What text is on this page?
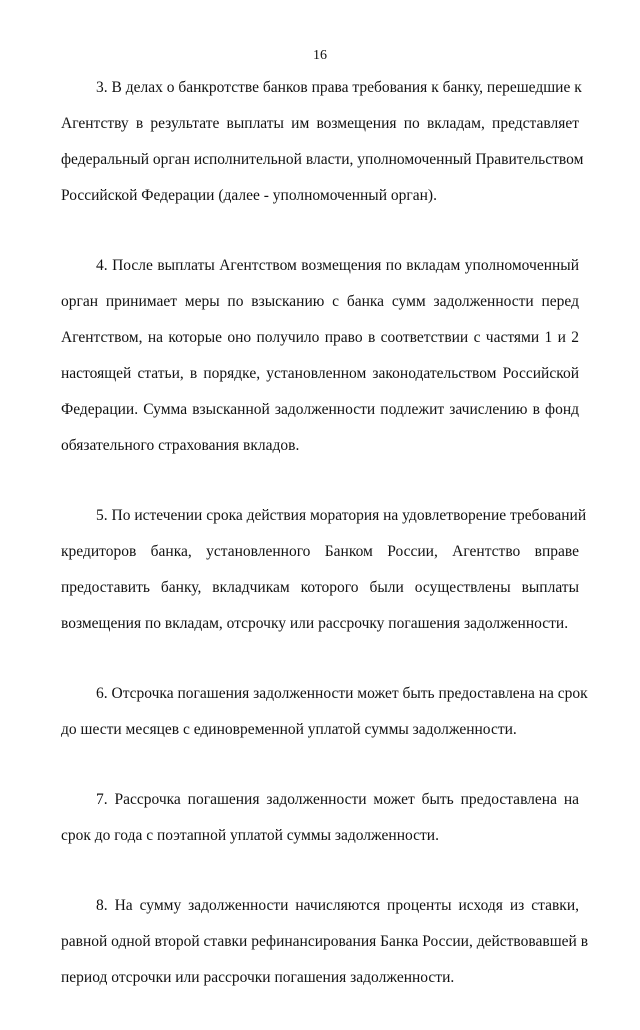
16

3. В делах о банкротстве банков права требования к банку, перешедшие к
Агентству в результате выплаты им возмещения по вкладам, представляет
федеральный орган исполнительной власти, уполномоченный Правительством
Российской Федерации (далее - уполномоченный орган).

4. После выплаты Агентством возмещения по вкладам уполномоченный
орган принимает меры по взысканию с банка сумм задолженности перед
Агентством, на которые оно получило право в соответствии с частями 1 и 2
настоящей статьи, в порядке, установленном законодательством Российской
Федерации. Сумма взысканной задолженности подлежит зачислению в фонд
обязательного страхования вкладов.

5. По истечении срока действия моратория на удовлетворение требований
кредиторов банка, установленного Банком России, Агентство вправе
предоставить банку, вкладчикам которого были осуществлены выплаты
возмещения по вкладам, отсрочку или рассрочку погашения задолженности.

6. Отсрочка погашения задолженности может быть предоставлена на срок
до шести месяцев с единовременной уплатой суммы задолженности.

7. Рассрочка погашения задолженности может быть предоставлена на
срок до года с поэтапной уплатой суммы задолженности.

8. На сумму задолженности начисляются проценты исходя из ставки,
равной одной второй ставки рефинансирования Банка России, действовавшей в
период отсрочки или рассрочки погашения задолженности.
